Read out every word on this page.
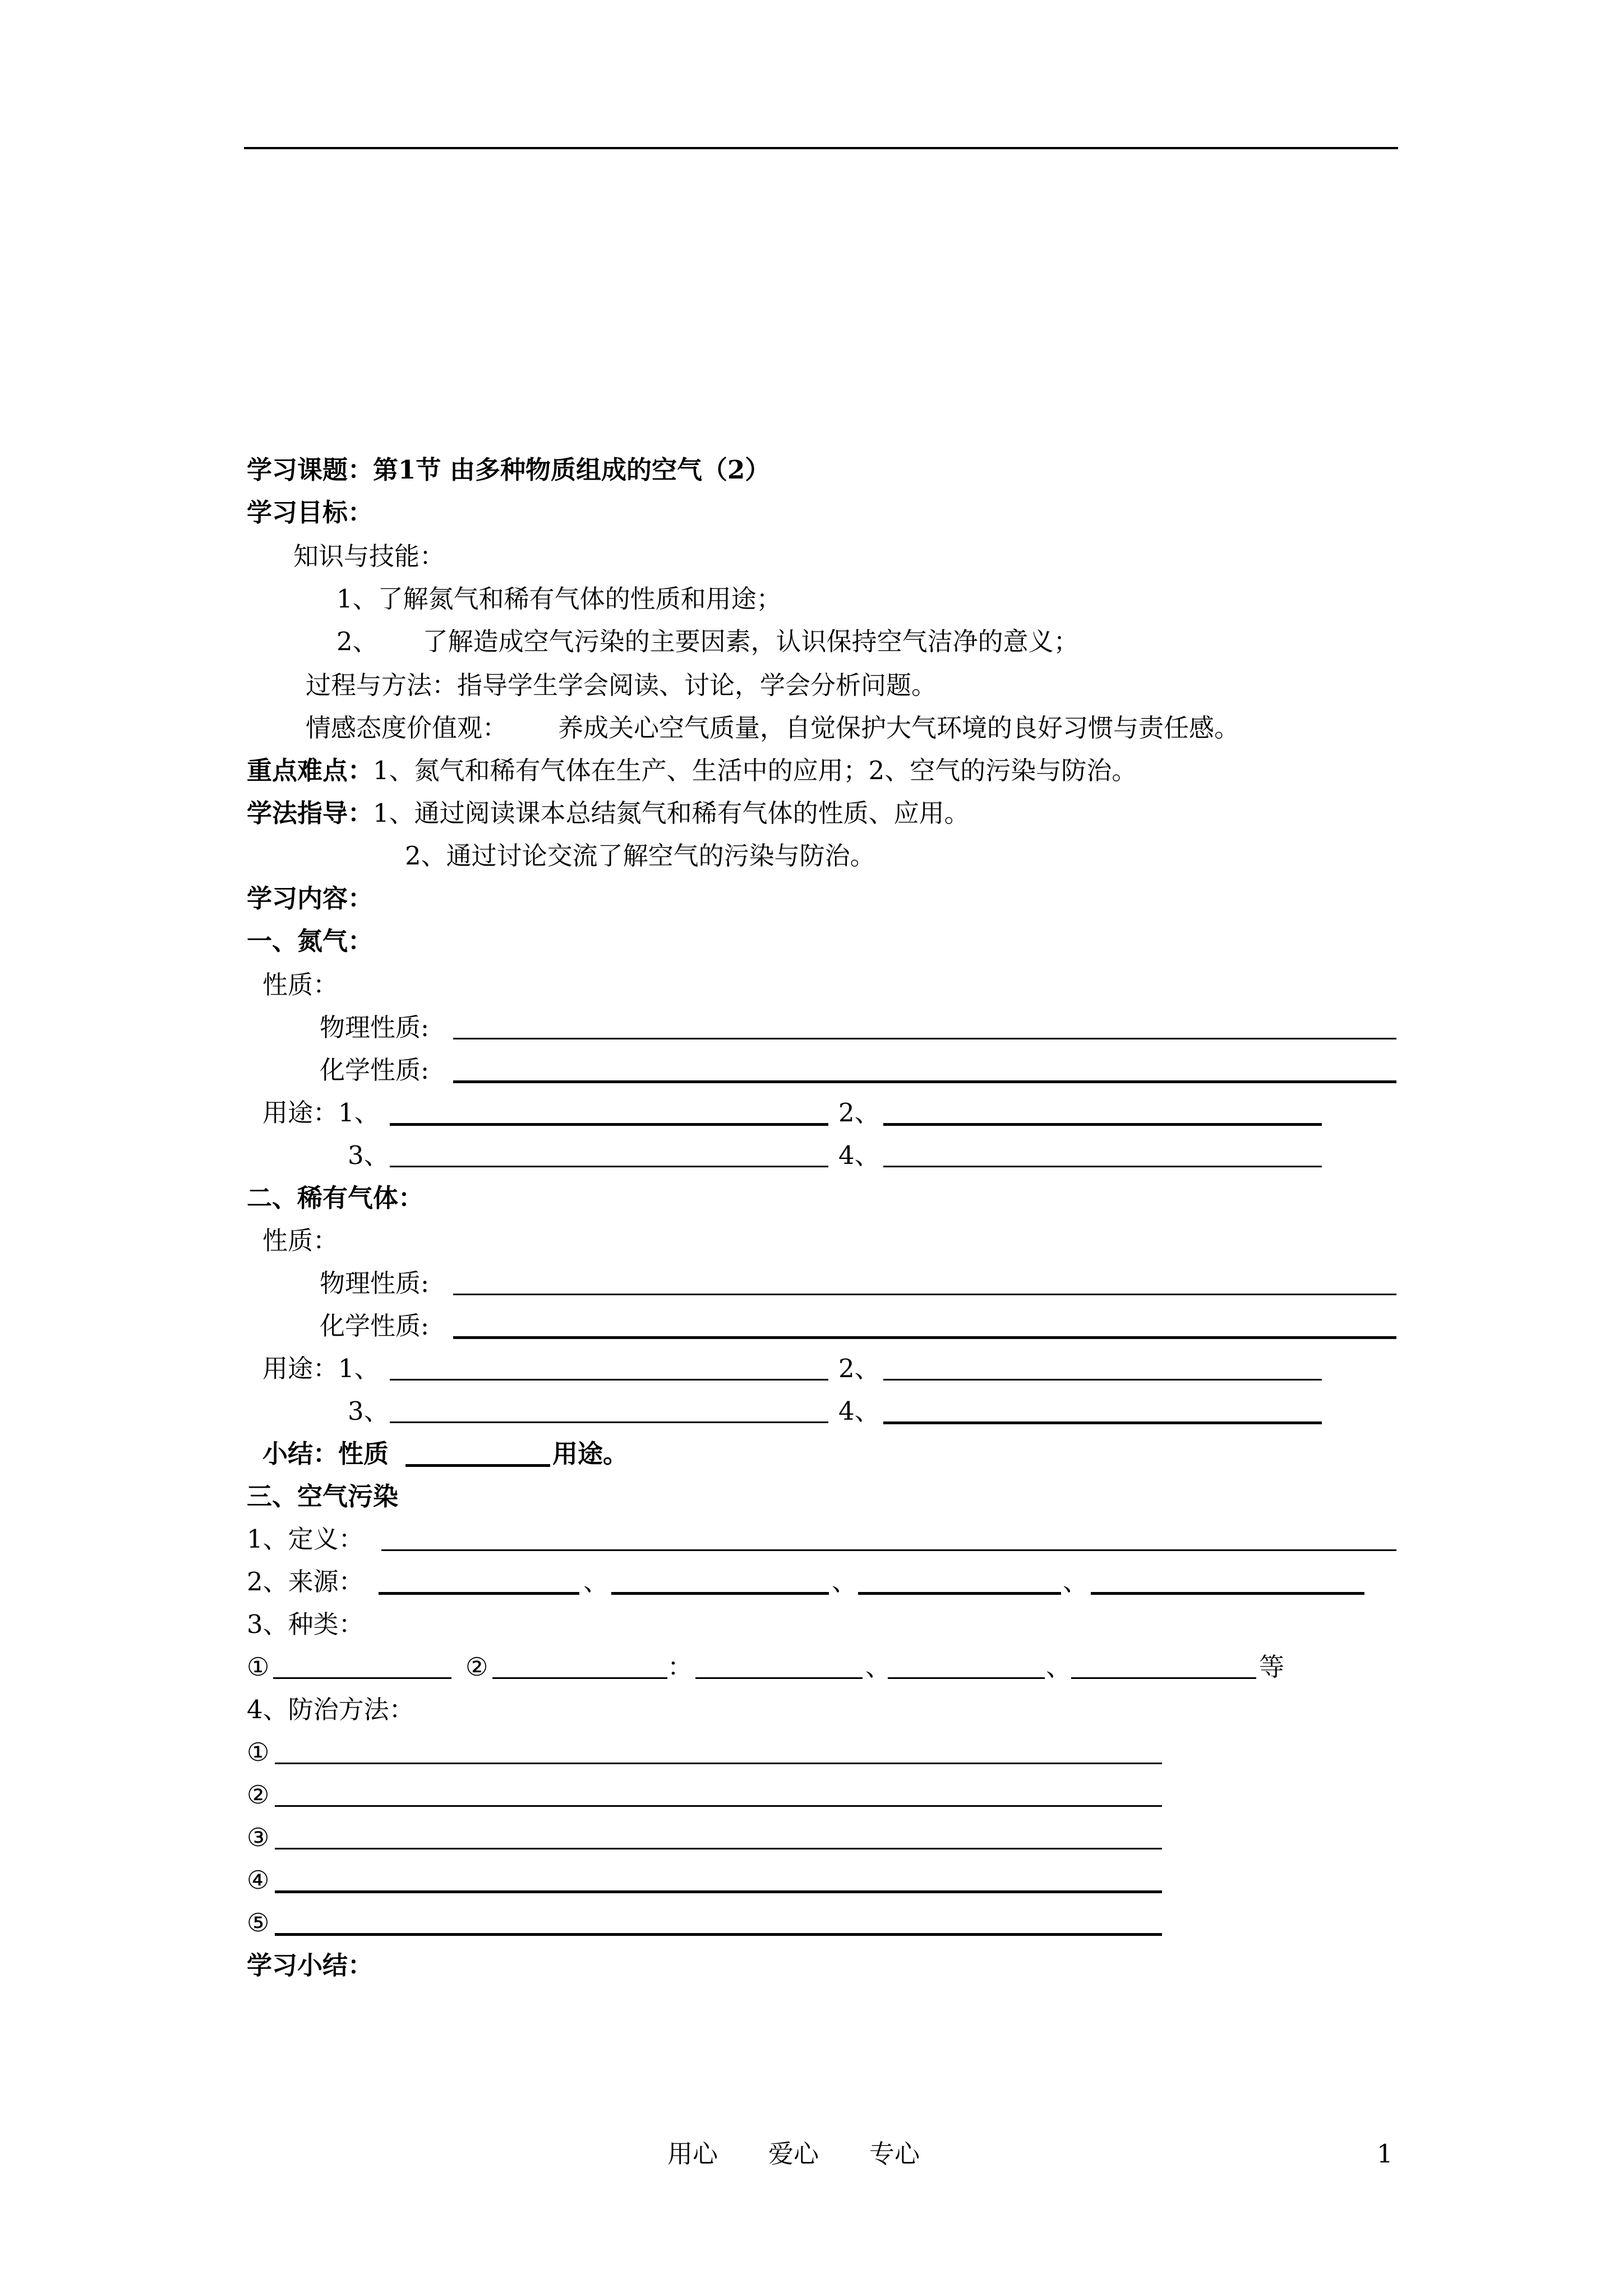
学习课题：第1节 由多种物质组成的空气（2）
学习目标：
知识与技能：
1、了解氮气和稀有气体的性质和用途；
2、 了解造成空气污染的主要因素，认识保持空气洁净的意义；
过程与方法：指导学生学会阅读、讨论，学会分析问题。
情感态度价值观： 养成关心空气质量，自觉保护大气环境的良好习惯与责任感。
重点难点：1、氮气和稀有气体在生产、生活中的应用；2、空气的污染与防治。
学法指导：1、通过阅读课本总结氮气和稀有气体的性质、应用。
2、通过讨论交流了解空气的污染与防治。
学习内容：
一、氮气：
性质：
物理性质:
化学性质:
用途：1、	2、
3、	4、
二、稀有气体：
性质：
物理性质:
化学性质:
用途：1、	2、
3、	4、
小结：性质	用途。
三、空气污染
1、定义：
2、来源：	、	、	、
3、种类：
①	②	：	、	、	等
4、防治方法：
①
②
③
④
⑤
学习小结：
用心　　爱心　　专心	1
